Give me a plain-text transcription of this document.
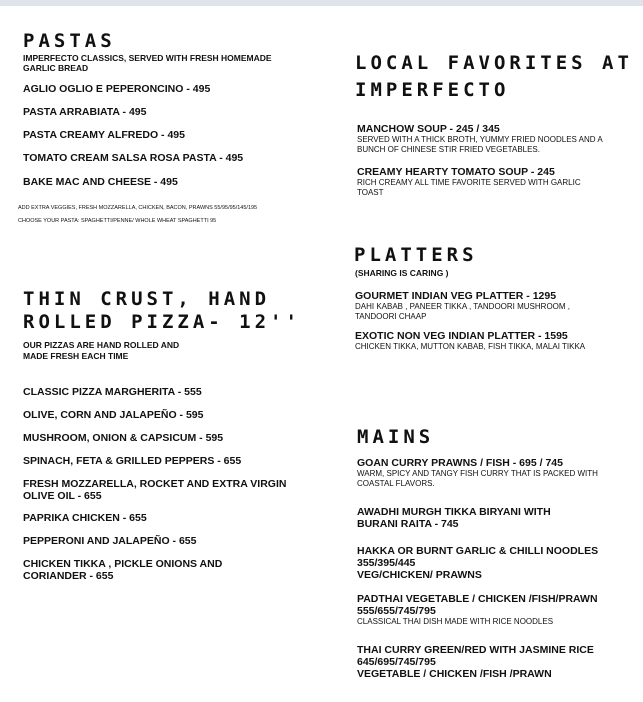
PASTAS

IMPERFECTO CLASSICS, SERVED WITH FRESH HOMEMADE GARLIC BREAD

AGLIO OGLIO E PEPERONCINO - 495

PASTA ARRABIATA - 495

PASTA CREAMY ALFREDO - 495

TOMATO CREAM SALSA ROSA PASTA - 495

BAKE MAC AND CHEESE - 495

ADD EXTRA VEGGIES, FRESH MOZZARELLA, CHICKEN, BACON, PRAWNS 55/95/95/145/195

CHOOSE YOUR PASTA: SPAGHETTI/PENNE/ WHOLE WHEAT SPAGHETTI 95

THIN CRUST, HAND
ROLLED PIZZA- 12''

OUR PIZZAS ARE HAND ROLLED AND

MADE FRESH EACH TIME

CLASSIC PIZZA MARGHERITA - 555

OLIVE, CORN AND JALAPEÑO - 595

MUSHROOM, ONION & CAPSICUM - 595

SPINACH, FETA & GRILLED PEPPERS - 655

FRESH MOZZARELLA, ROCKET AND EXTRA VIRGIN

OLIVE OIL - 655

PAPRIKA CHICKEN - 655

PEPPERONI AND JALAPEÑO - 655

CHICKEN TIKKA , PICKLE ONIONS AND

CORIANDER - 655

LOCAL FAVORITES AT
IMPERFECTO

MANCHOW SOUP - 245 / 345

SERVED WITH A THICK BROTH, YUMMY FRIED NOODLES AND A BUNCH OF CHINESE STIR FRIED VEGETABLES.

CREAMY HEARTY TOMATO SOUP - 245

RICH CREAMY ALL TIME FAVORITE SERVED WITH GARLIC TOAST

PLATTERS

(SHARING IS CARING )

GOURMET INDIAN VEG PLATTER - 1295

DAHI KABAB , PANEER TIKKA , TANDOORI MUSHROOM , TANDOORI CHAAP

EXOTIC NON VEG INDIAN PLATTER - 1595

CHICKEN TIKKA, MUTTON KABAB, FISH TIKKA, MALAI TIKKA

MAINS

GOAN CURRY PRAWNS / FISH - 695 / 745

WARM, SPICY AND TANGY FISH CURRY THAT IS PACKED WITH COASTAL FLAVORS.

AWADHI MURGH TIKKA BIRYANI WITH

BURANI RAITA - 745

HAKKA OR BURNT GARLIC & CHILLI NOODLES

355/395/445

VEG/CHICKEN/ PRAWNS

PADTHAI VEGETABLE / CHICKEN /FISH/PRAWN

555/655/745/795

CLASSICAL THAI DISH MADE WITH RICE NOODLES

THAI CURRY GREEN/RED WITH JASMINE RICE

645/695/745/795

VEGETABLE / CHICKEN /FISH /PRAWN
